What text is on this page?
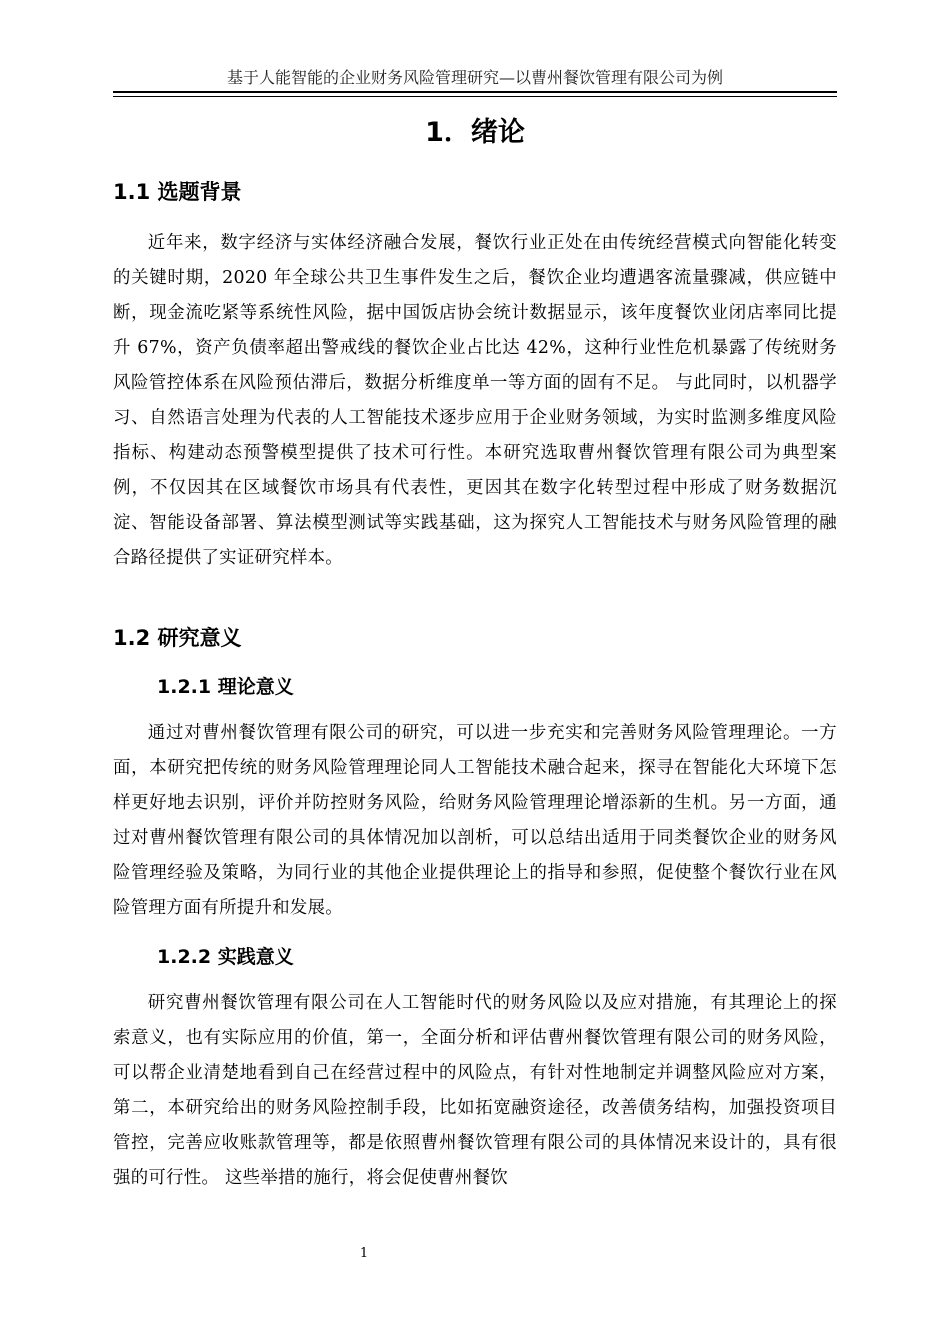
基于人能智能的企业财务风险管理研究—以曹州餐饮管理有限公司为例
1．绪论
1.1 选题背景

近年来，数字经济与实体经济融合发展，餐饮行业正处在由传统经营模式向智能化转变的关键时期，2020 年全球公共卫生事件发生之后，餐饮企业均遭遇客流量骤减，供应链中断，现金流吃紧等系统性风险，据中国饭店协会统计数据显示，该年度餐饮业闭店率同比提升 67%，资产负债率超出警戒线的餐饮企业占比达 42%，这种行业性危机暴露了传统财务风险管控体系在风险预估滞后，数据分析维度单一等方面的固有不足。 与此同时，以机器学习、自然语言处理为代表的人工智能技术逐步应用于企业财务领域，为实时监测多维度风险指标、构建动态预警模型提供了技术可行性。本研究选取曹州餐饮管理有限公司为典型案例，不仅因其在区域餐饮市场具有代表性，更因其在数字化转型过程中形成了财务数据沉淀、智能设备部署、算法模型测试等实践基础，这为探究人工智能技术与财务风险管理的融合路径提供了实证研究样本。

1.2 研究意义
1.2.1 理论意义

通过对曹州餐饮管理有限公司的研究，可以进一步充实和完善财务风险管理理论。一方面，本研究把传统的财务风险管理理论同人工智能技术融合起来，探寻在智能化大环境下怎样更好地去识别，评价并防控财务风险，给财务风险管理理论增添新的生机。另一方面，通过对曹州餐饮管理有限公司的具体情况加以剖析，可以总结出适用于同类餐饮企业的财务风险管理经验及策略，为同行业的其他企业提供理论上的指导和参照，促使整个餐饮行业在风险管理方面有所提升和发展。

1.2.2 实践意义

研究曹州餐饮管理有限公司在人工智能时代的财务风险以及应对措施，有其理论上的探索意义，也有实际应用的价值，第一，全面分析和评估曹州餐饮管理有限公司的财务风险，可以帮企业清楚地看到自己在经营过程中的风险点，有针对性地制定并调整风险应对方案，第二，本研究给出的财务风险控制手段，比如拓宽融资途径，改善债务结构，加强投资项目管控，完善应收账款管理等，都是依照曹州餐饮管理有限公司的具体情况来设计的，具有很强的可行性。 这些举措的施行，将会促使曹州餐饮

1
